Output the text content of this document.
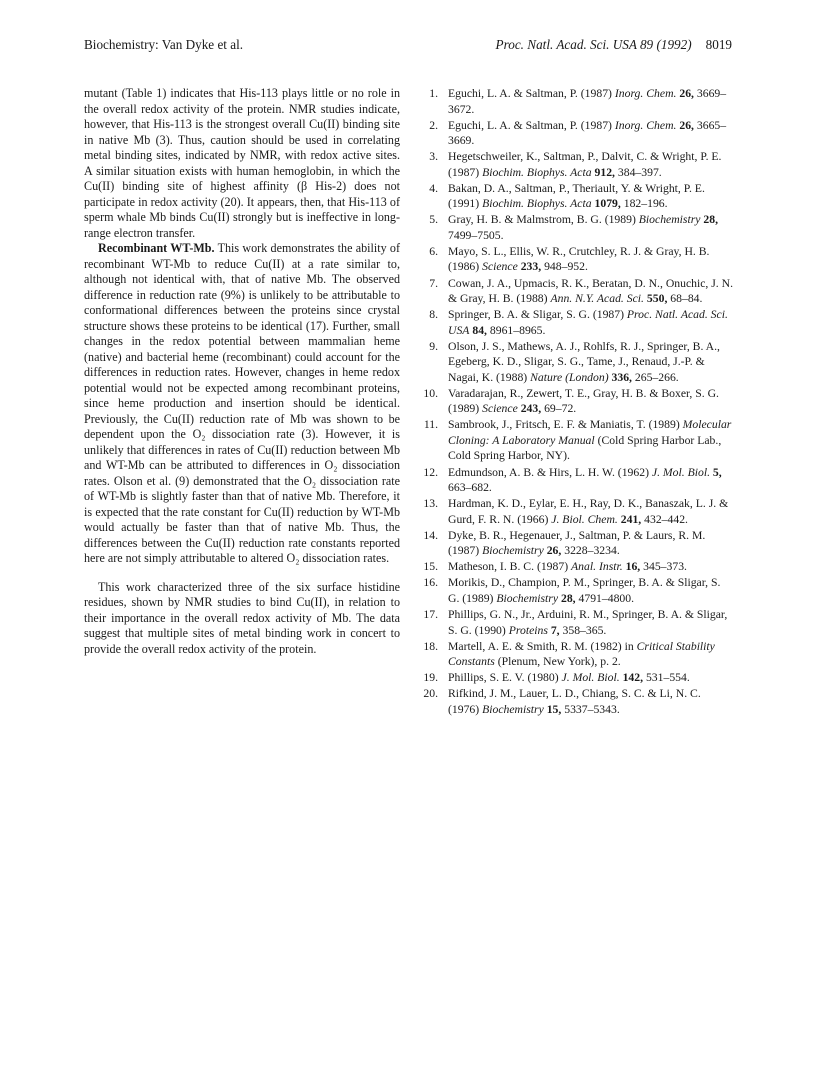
Biochemistry: Van Dyke et al.	Proc. Natl. Acad. Sci. USA 89 (1992) 8019

mutant (Table 1) indicates that His-113 plays little or no role in the overall redox activity of the protein. NMR studies indicate, however, that His-113 is the strongest overall Cu(II) binding site in native Mb (3). Thus, caution should be used in correlating metal binding sites, indicated by NMR, with redox active sites. A similar situation exists with human hemoglobin, in which the Cu(II) binding site of highest affinity (β His-2) does not participate in redox activity (20). It appears, then, that His-113 of sperm whale Mb binds Cu(II) strongly but is ineffective in long-range electron transfer.

Recombinant WT-Mb. This work demonstrates the ability of recombinant WT-Mb to reduce Cu(II) at a rate similar to, although not identical with, that of native Mb. The observed difference in reduction rate (9%) is unlikely to be attributable to conformational differences between the proteins since crystal structure shows these proteins to be identical (17). Further, small changes in the redox potential between mammalian heme (native) and bacterial heme (recombinant) could account for the differences in reduction rates. However, changes in heme redox potential would not be expected among recombinant proteins, since heme production and insertion should be identical. Previously, the Cu(II) reduction rate of Mb was shown to be dependent upon the O₂ dissociation rate (3). However, it is unlikely that differences in rates of Cu(II) reduction between Mb and WT-Mb can be attributed to differences in O₂ dissociation rates. Olson et al. (9) demonstrated that the O₂ dissociation rate of WT-Mb is slightly faster than that of native Mb. Therefore, it is expected that the rate constant for Cu(II) reduction by WT-Mb would actually be faster than that of native Mb. Thus, the differences between the Cu(II) reduction rate constants reported here are not simply attributable to altered O₂ dissociation rates.

This work characterized three of the six surface histidine residues, shown by NMR studies to bind Cu(II), in relation to their importance in the overall redox activity of Mb. The data suggest that multiple sites of metal binding work in concert to provide the overall redox activity of the protein.

1. Eguchi, L. A. & Saltman, P. (1987) Inorg. Chem. 26, 3669–3672.
2. Eguchi, L. A. & Saltman, P. (1987) Inorg. Chem. 26, 3665–3669.
3. Hegetschweiler, K., Saltman, P., Dalvit, C. & Wright, P. E. (1987) Biochim. Biophys. Acta 912, 384–397.
4. Bakan, D. A., Saltman, P., Theriault, Y. & Wright, P. E. (1991) Biochim. Biophys. Acta 1079, 182–196.
5. Gray, H. B. & Malmstrom, B. G. (1989) Biochemistry 28, 7499–7505.
6. Mayo, S. L., Ellis, W. R., Crutchley, R. J. & Gray, H. B. (1986) Science 233, 948–952.
7. Cowan, J. A., Upmacis, R. K., Beratan, D. N., Onuchic, J. N. & Gray, H. B. (1988) Ann. N.Y. Acad. Sci. 550, 68–84.
8. Springer, B. A. & Sligar, S. G. (1987) Proc. Natl. Acad. Sci. USA 84, 8961–8965.
9. Olson, J. S., Mathews, A. J., Rohlfs, R. J., Springer, B. A., Egeberg, K. D., Sligar, S. G., Tame, J., Renaud, J.-P. & Nagai, K. (1988) Nature (London) 336, 265–266.
10. Varadarajan, R., Zewert, T. E., Gray, H. B. & Boxer, S. G. (1989) Science 243, 69–72.
11. Sambrook, J., Fritsch, E. F. & Maniatis, T. (1989) Molecular Cloning: A Laboratory Manual (Cold Spring Harbor Lab., Cold Spring Harbor, NY).
12. Edmundson, A. B. & Hirs, L. H. W. (1962) J. Mol. Biol. 5, 663–682.
13. Hardman, K. D., Eylar, E. H., Ray, D. K., Banaszak, L. J. & Gurd, F. R. N. (1966) J. Biol. Chem. 241, 432–442.
14. Dyke, B. R., Hegenauer, J., Saltman, P. & Laurs, R. M. (1987) Biochemistry 26, 3228–3234.
15. Matheson, I. B. C. (1987) Anal. Instr. 16, 345–373.
16. Morikis, D., Champion, P. M., Springer, B. A. & Sligar, S. G. (1989) Biochemistry 28, 4791–4800.
17. Phillips, G. N., Jr., Arduini, R. M., Springer, B. A. & Sligar, S. G. (1990) Proteins 7, 358–365.
18. Martell, A. E. & Smith, R. M. (1982) in Critical Stability Constants (Plenum, New York), p. 2.
19. Phillips, S. E. V. (1980) J. Mol. Biol. 142, 531–554.
20. Rifkind, J. M., Lauer, L. D., Chiang, S. C. & Li, N. C. (1976) Biochemistry 15, 5337–5343.
